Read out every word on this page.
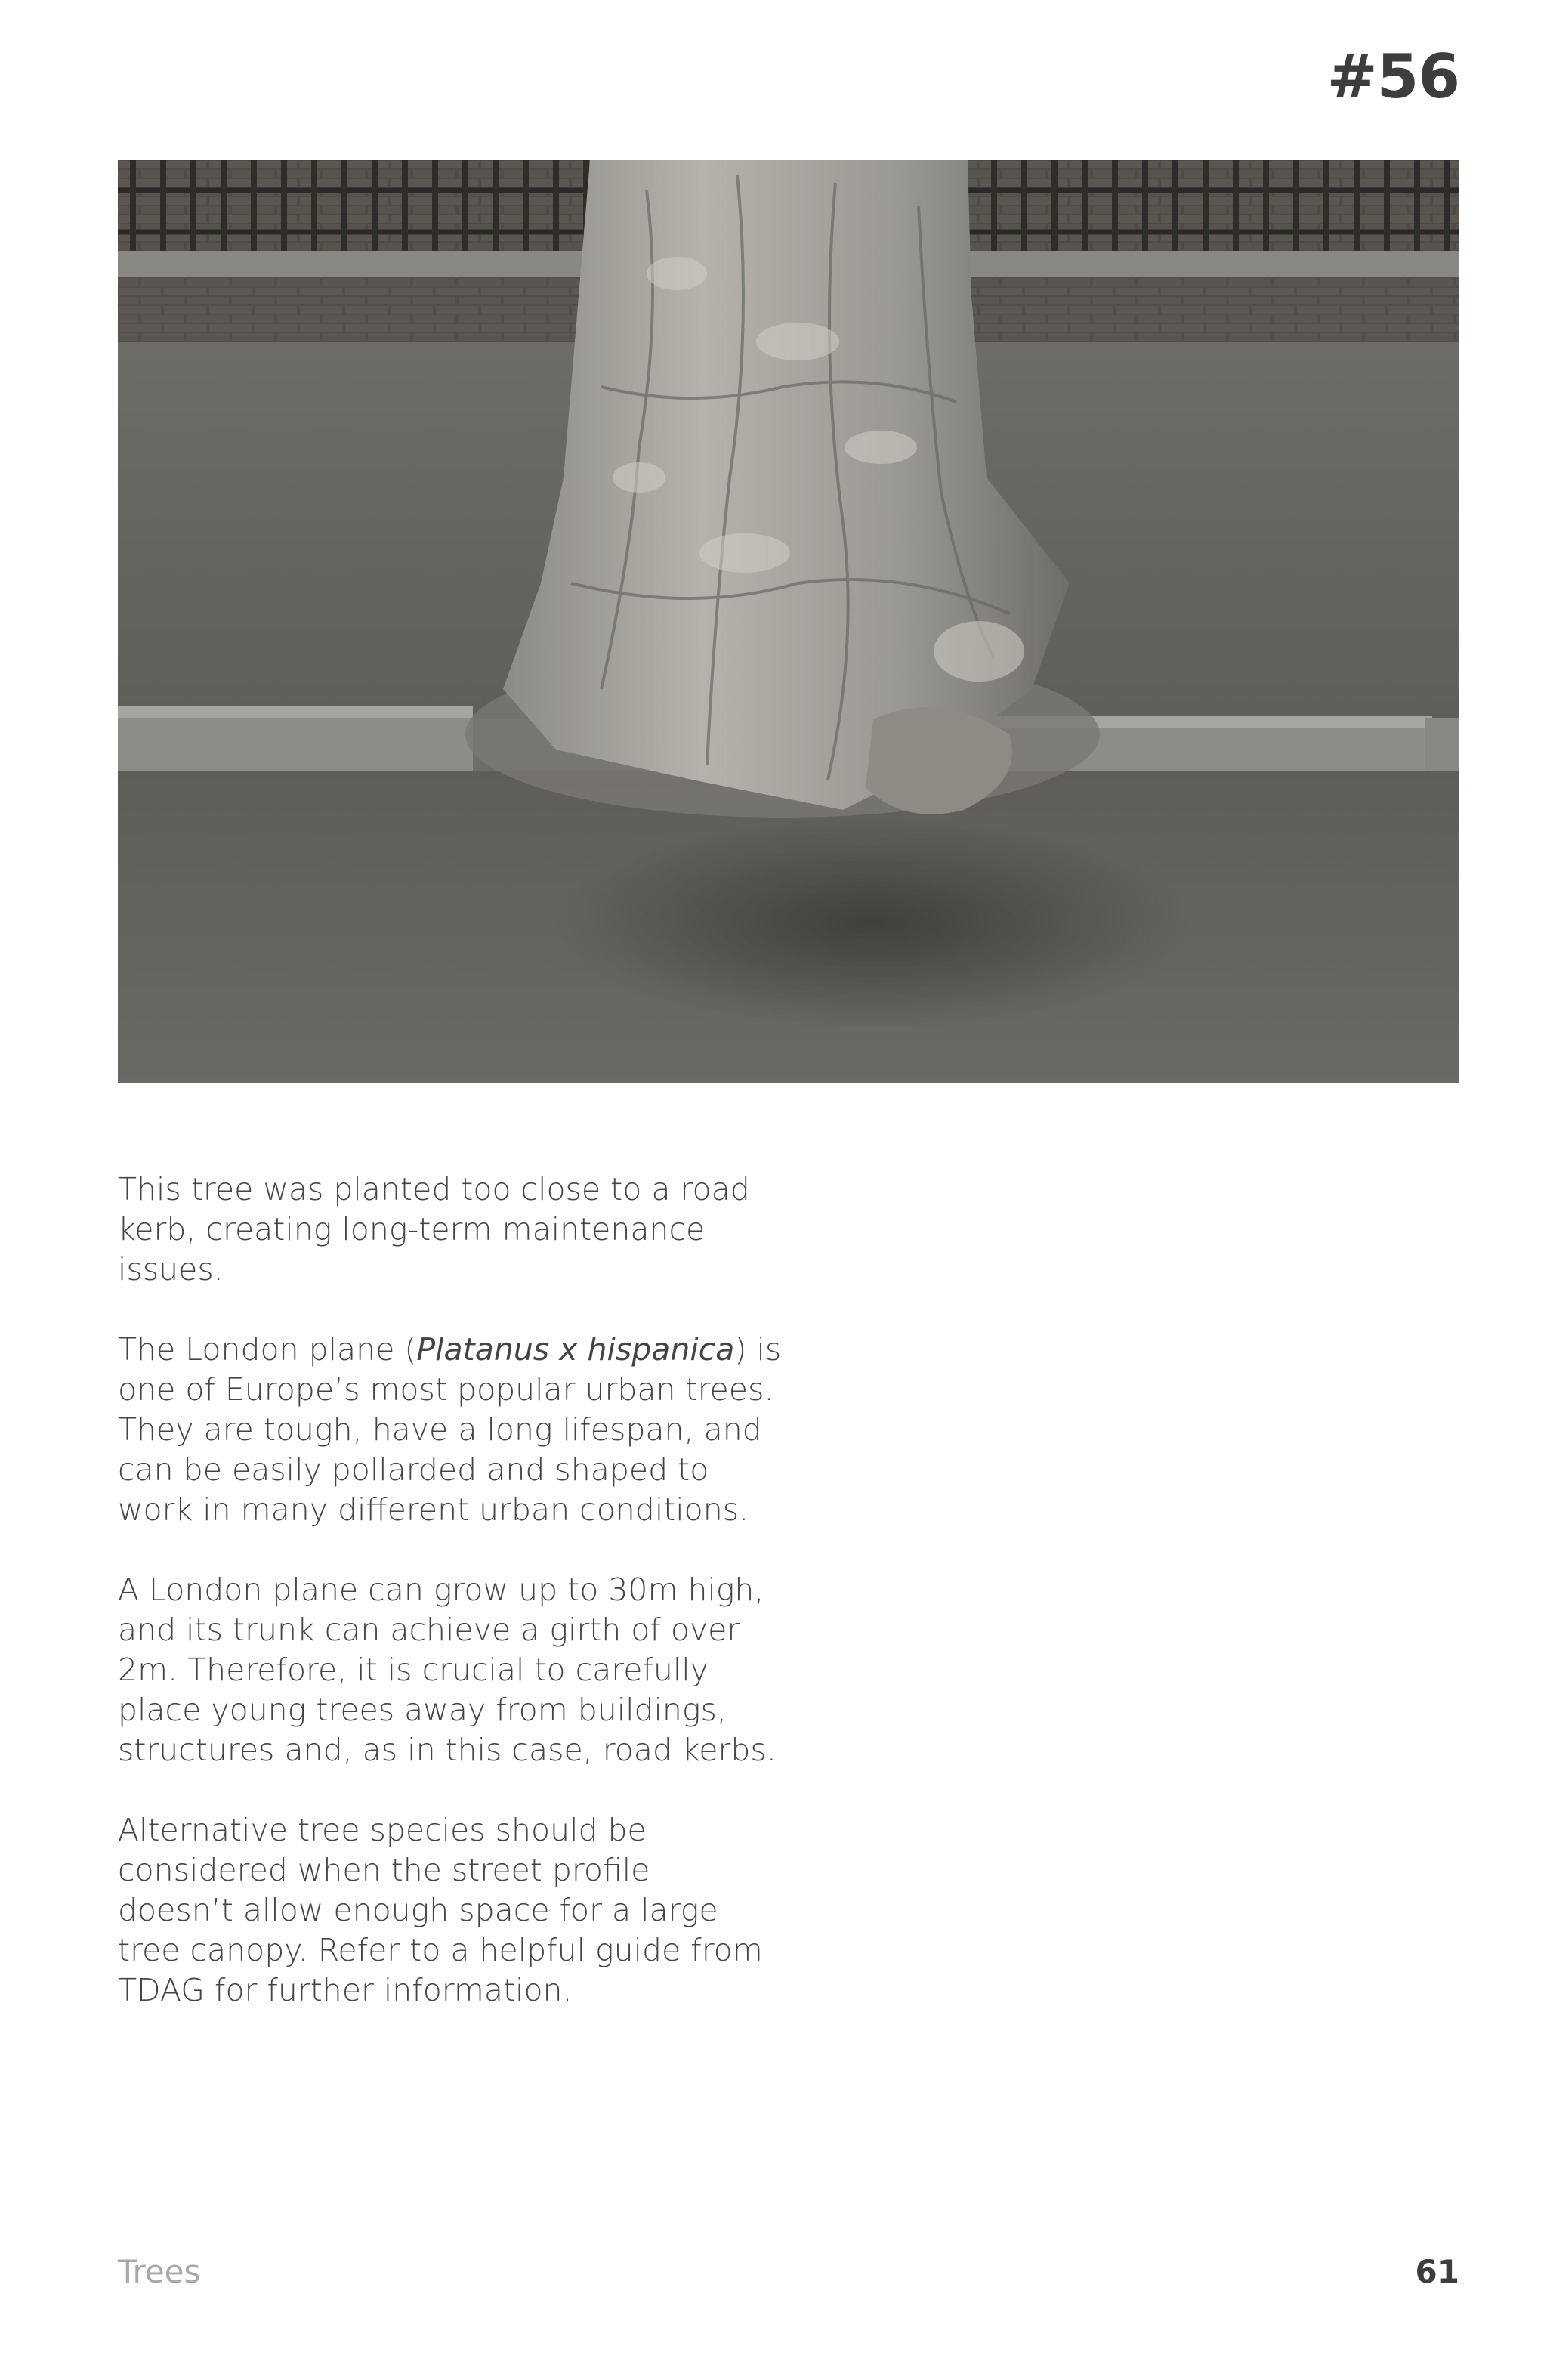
#56

This tree was planted too close to a road
kerb, creating long-term maintenance
issues.

The London plane (Platanus x hispanica) is
one of Europe’s most popular urban trees.
They are tough, have a long lifespan, and
can be easily pollarded and shaped to
work in many different urban conditions.

A London plane can grow up to 30m high,
and its trunk can achieve a girth of over
2m. Therefore, it is crucial to carefully
place young trees away from buildings,
structures and, as in this case, road kerbs.

Alternative tree species should be
considered when the street profile
doesn’t allow enough space for a large
tree canopy. Refer to a helpful guide from
TDAG for further information.

Trees	61
